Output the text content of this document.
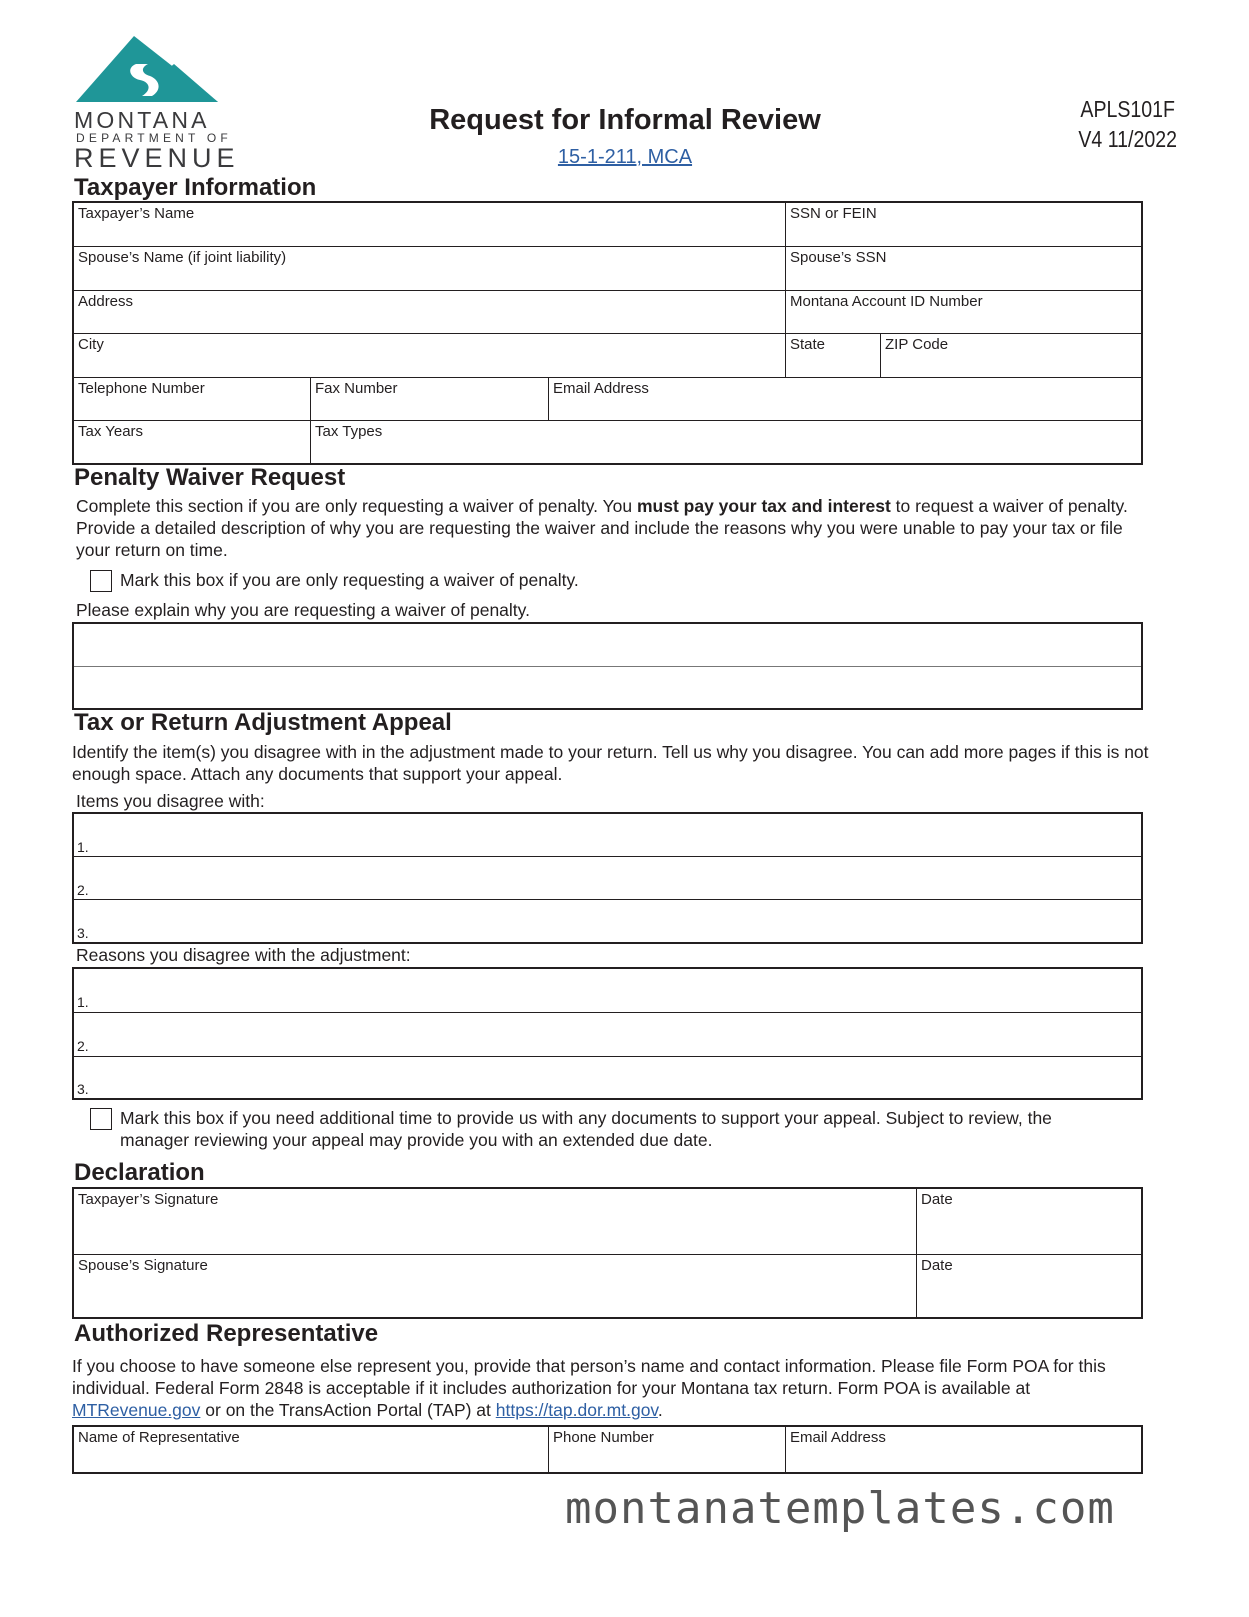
MONTANA
DEPARTMENT OF
REVENUE
Request for Informal Review
15-1-211, MCA
APLS101F
V4 11/2022
Taxpayer Information
Taxpayer’s Name	SSN or FEIN
Spouse’s Name (if joint liability)	Spouse’s SSN
Address	Montana Account ID Number
City	State	ZIP Code
Telephone Number	Fax Number	Email Address
Tax Years	Tax Types
Penalty Waiver Request
Complete this section if you are only requesting a waiver of penalty. You must pay your tax and interest to request a waiver of penalty. Provide a detailed description of why you are requesting the waiver and include the reasons why you were unable to pay your tax or file your return on time.
Mark this box if you are only requesting a waiver of penalty.
Please explain why you are requesting a waiver of penalty.
Tax or Return Adjustment Appeal
Identify the item(s) you disagree with in the adjustment made to your return. Tell us why you disagree. You can add more pages if this is not enough space. Attach any documents that support your appeal.
Items you disagree with:
1.
2.
3.
Reasons you disagree with the adjustment:
1.
2.
3.
Mark this box if you need additional time to provide us with any documents to support your appeal. Subject to review, the manager reviewing your appeal may provide you with an extended due date.
Declaration
Taxpayer’s Signature	Date
Spouse’s Signature	Date
Authorized Representative
If you choose to have someone else represent you, provide that person’s name and contact information. Please file Form POA for this individual. Federal Form 2848 is acceptable if it includes authorization for your Montana tax return. Form POA is available at MTRevenue.gov or on the TransAction Portal (TAP) at https://tap.dor.mt.gov.
Name of Representative	Phone Number	Email Address
montanatemplates.com
